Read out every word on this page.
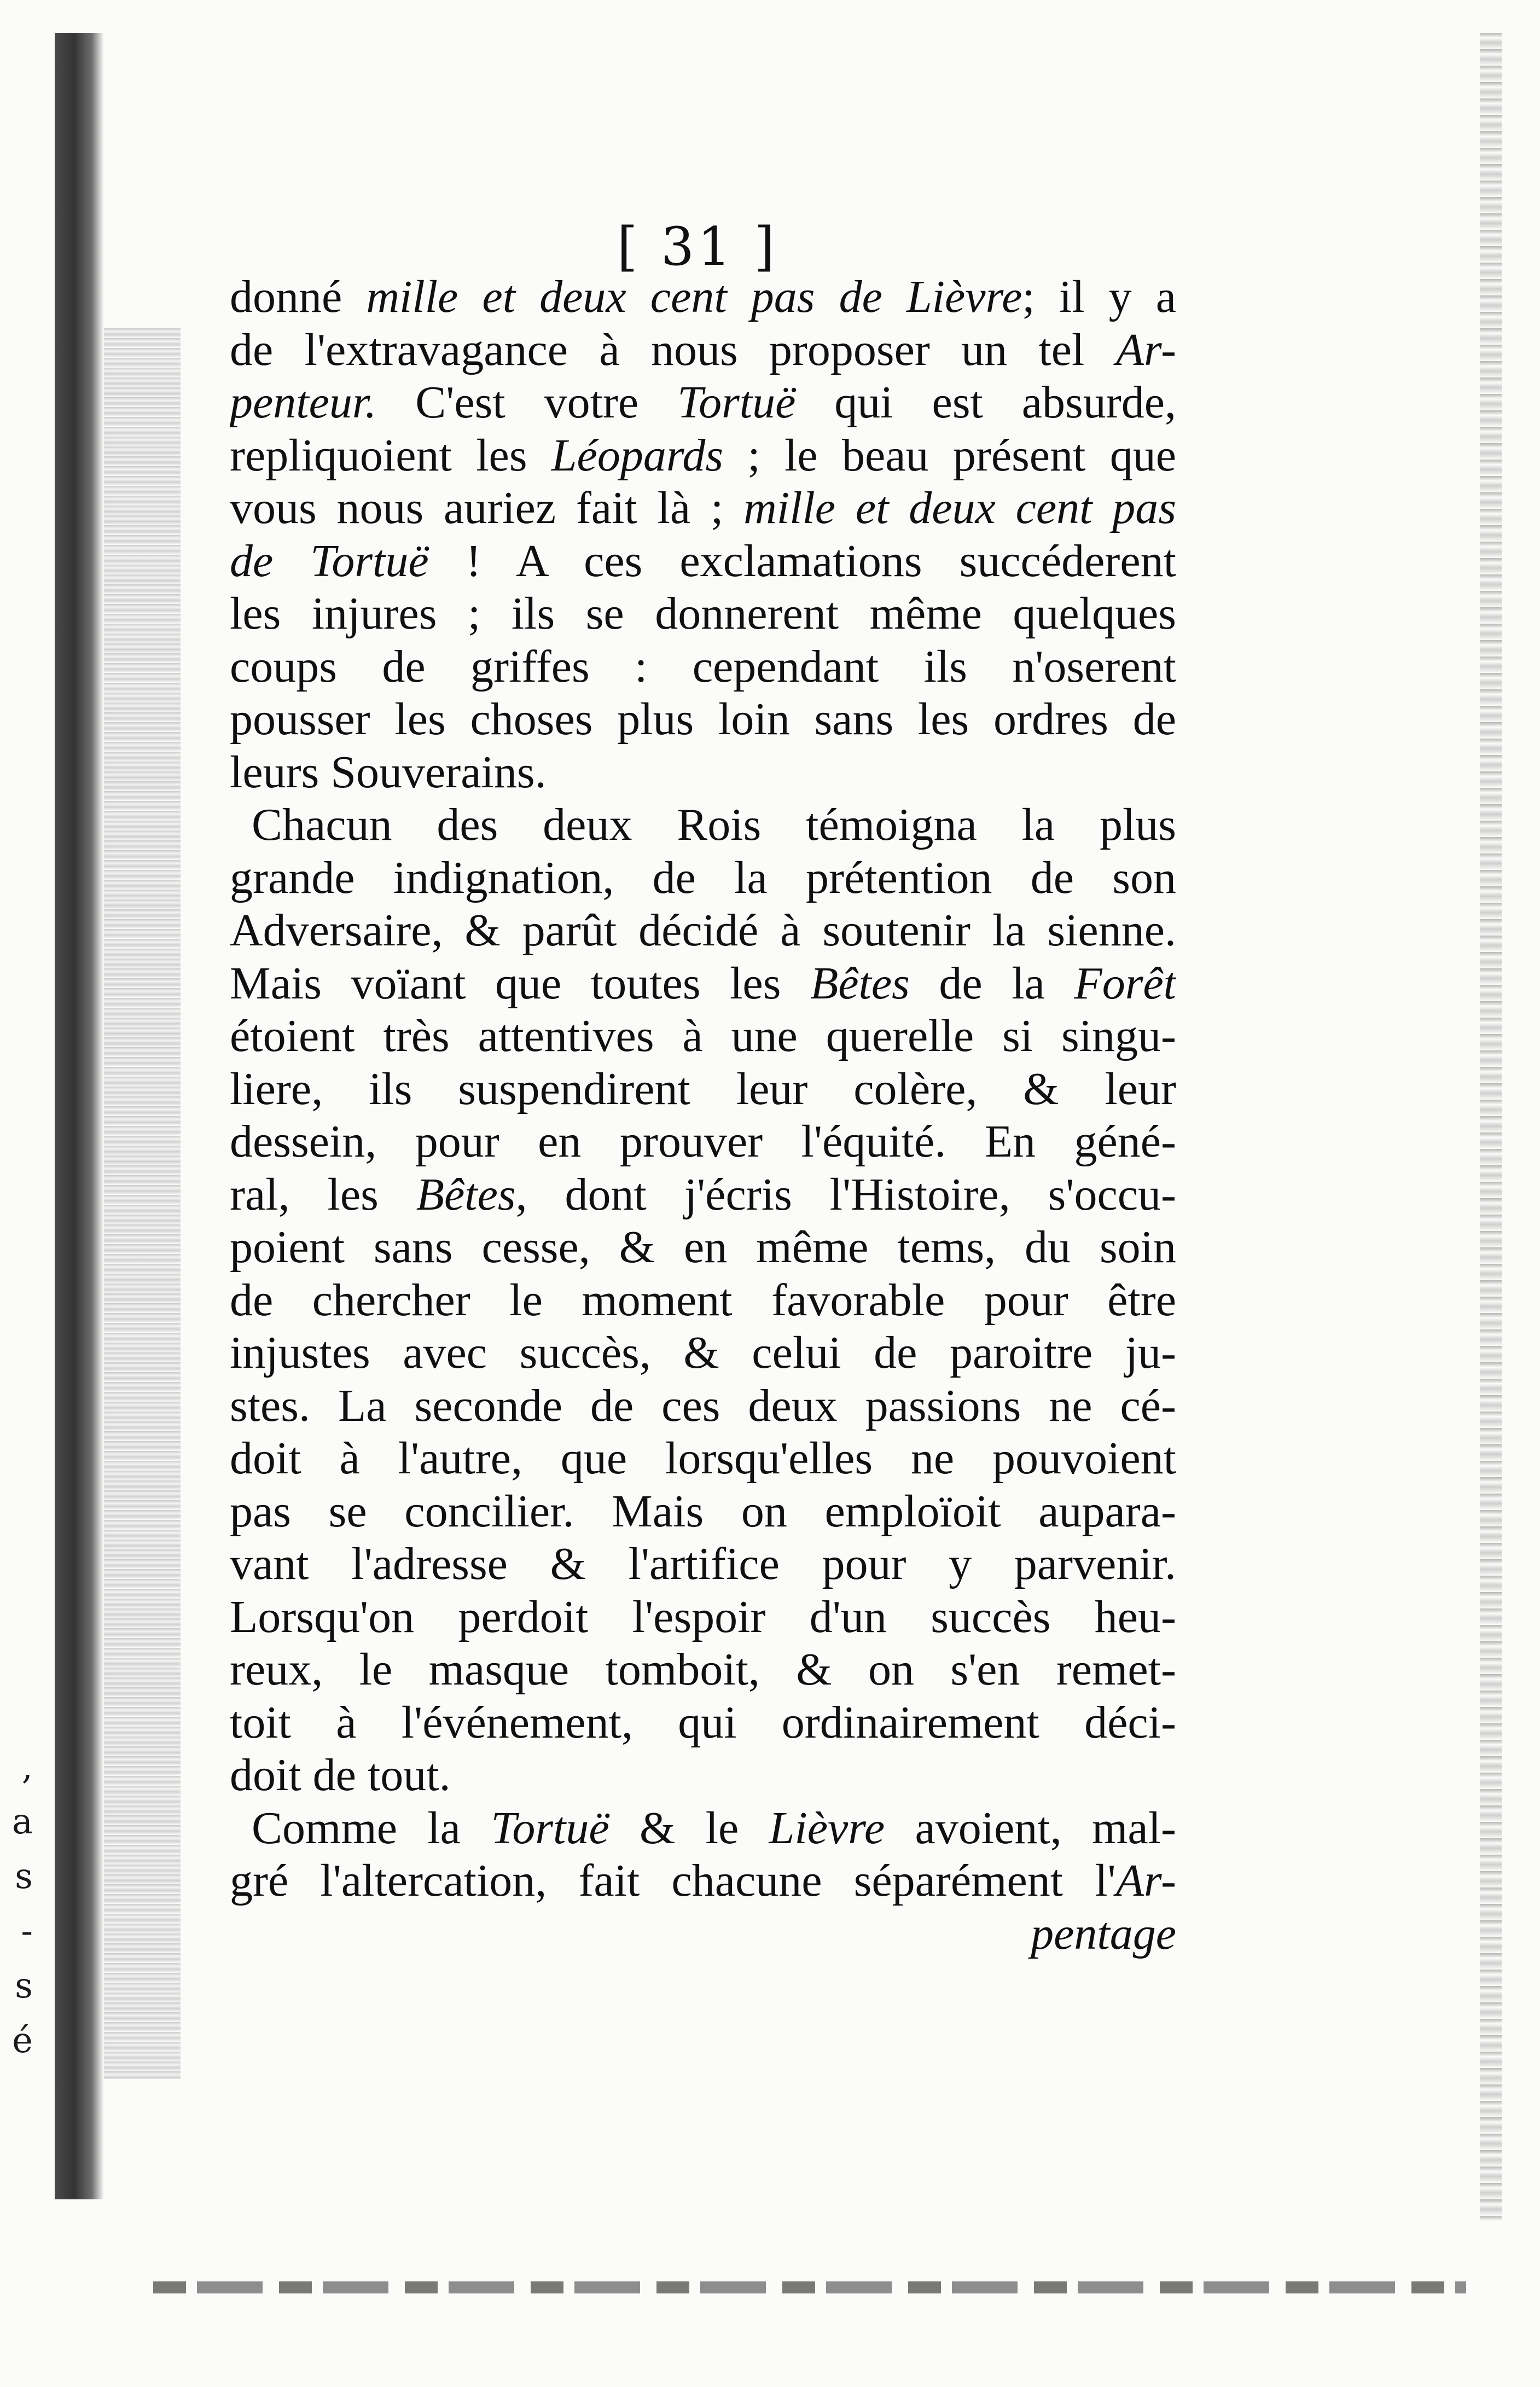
,
a
s
-
s
é
[ 31 ]
donné mille et deux cent pas de Lièvre; il y a
de l'extravagance à nous proposer un tel Ar-
penteur. C'est votre Tortuë qui est absurde,
repliquoient les Léopards ; le beau présent que
vous nous auriez fait là ; mille et deux cent pas
de Tortuë ! A ces exclamations succéderent
les injures ; ils se donnerent même quelques
coups de griffes : cependant ils n'oserent
pousser les choses plus loin sans les ordres de
leurs Souverains.
Chacun des deux Rois témoigna la plus
grande indignation, de la prétention de son
Adversaire, & parût décidé à soutenir la sienne.
Mais voïant que toutes les Bêtes de la Forêt
étoient très attentives à une querelle si singu-
liere, ils suspendirent leur colère, & leur
dessein, pour en prouver l'équité. En géné-
ral, les Bêtes, dont j'écris l'Histoire, s'occu-
poient sans cesse, & en même tems, du soin
de chercher le moment favorable pour être
injustes avec succès, & celui de paroitre ju-
stes. La seconde de ces deux passions ne cé-
doit à l'autre, que lorsqu'elles ne pouvoient
pas se concilier. Mais on emploïoit aupara-
vant l'adresse & l'artifice pour y parvenir.
Lorsqu'on perdoit l'espoir d'un succès heu-
reux, le masque tomboit, & on s'en remet-
toit à l'événement, qui ordinairement déci-
doit de tout.
Comme la Tortuë & le Lièvre avoient, mal-
gré l'altercation, fait chacune séparément l'Ar-
pentage
